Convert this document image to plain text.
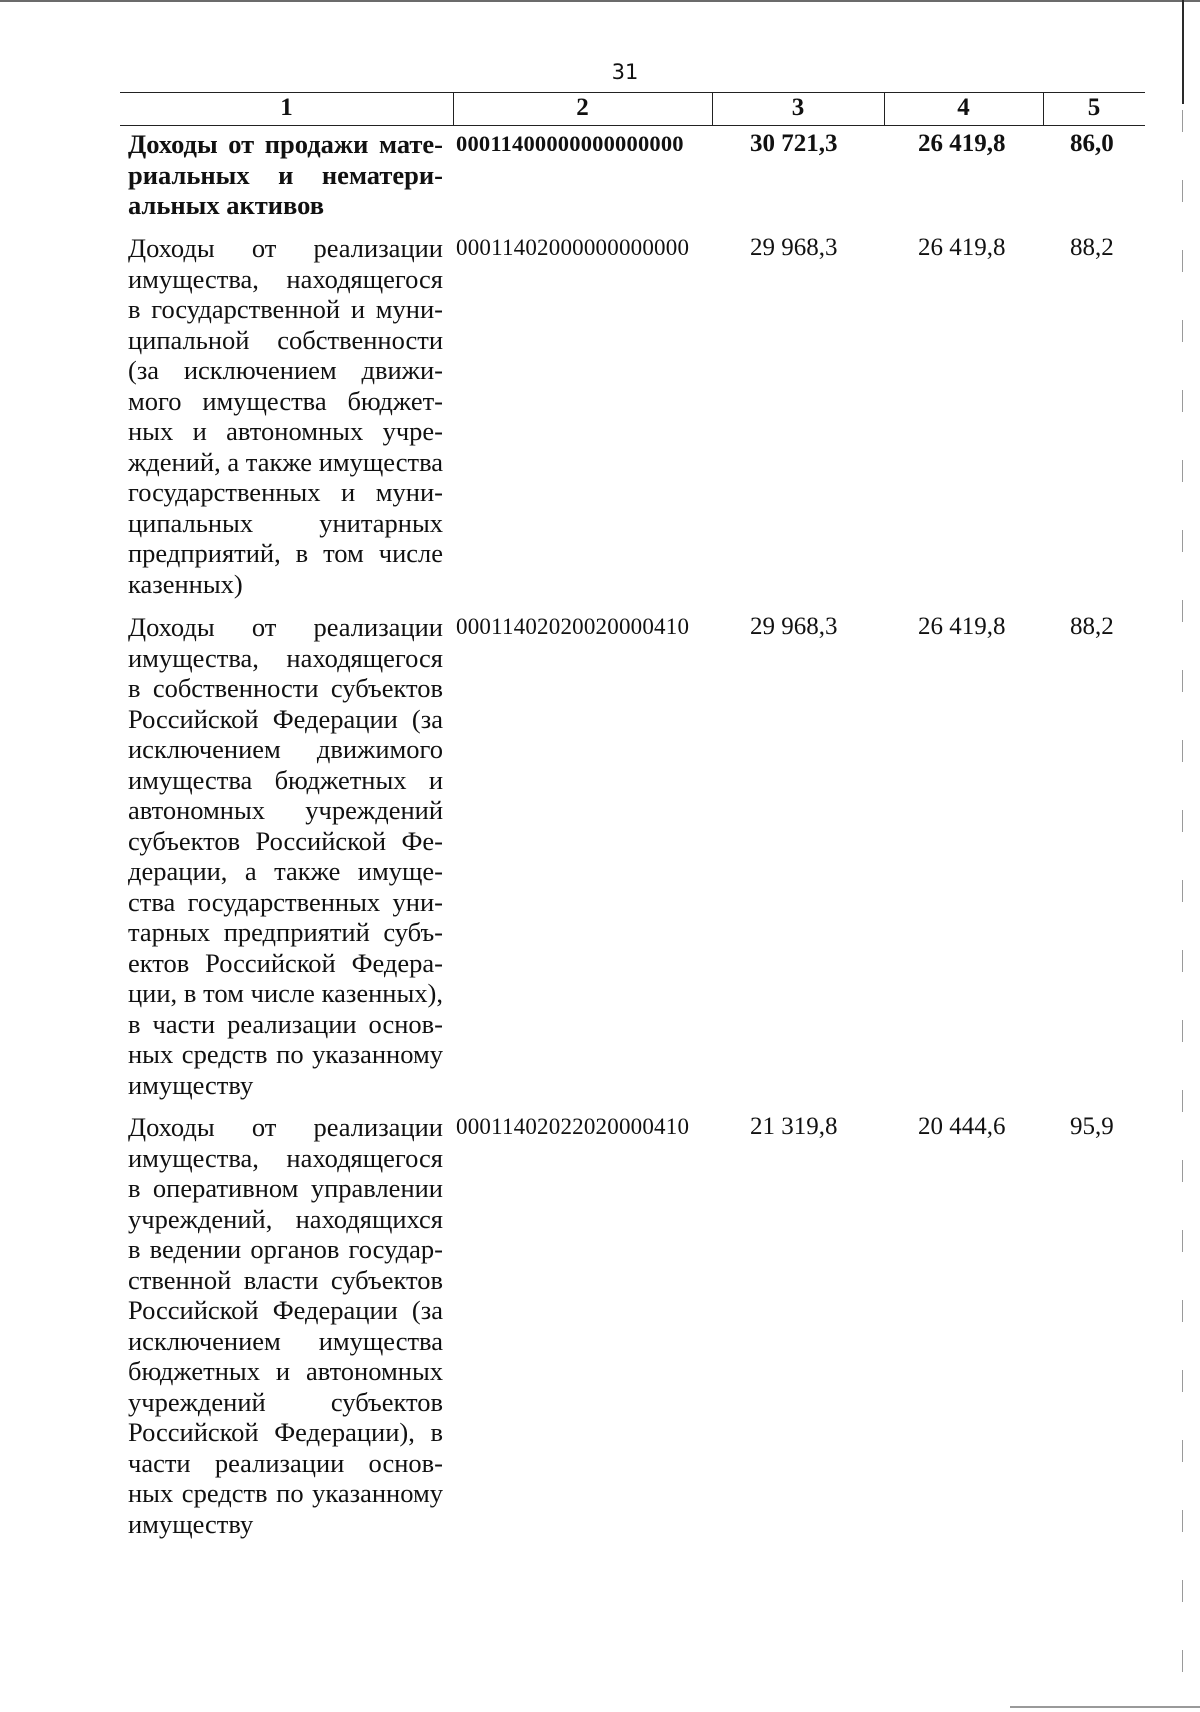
31
1	2	3	4	5
Доходы от продажи мате-
риальных и нематери-
альных активов
00011400000000000000	30 721,3	26 419,8	86,0
Доходы от реализации
имущества, находящегося
в государственной и муни-
ципальной собственности
(за исключением движи-
мого имущества бюджет-
ных и автономных учре-
ждений, а также имущества
государственных и муни-
ципальных унитарных
предприятий, в том числе
казенных)
00011402000000000000 29 968,3	26 419,8	88,2
Доходы от реализации
имущества, находящегося
в собственности субъектов
Российской Федерации (за
исключением движимого
имущества бюджетных и
автономных учреждений
субъектов Российской Фе-
дерации, а также имуще-
ства государственных уни-
тарных предприятий субъ-
ектов Российской Федера-
ции, в том числе казенных),
в части реализации основ-
ных средств по указанному
имуществу
00011402020020000410 29 968,3	26 419,8	88,2
Доходы от реализации
имущества, находящегося
в оперативном управлении
учреждений, находящихся
в ведении органов государ-
ственной власти субъектов
Российской Федерации (за
исключением имущества
бюджетных и автономных
учреждений субъектов
Российской Федерации), в
части реализации основ-
ных средств по указанному
имуществу
00011402022020000410 21 319,8	20 444,6	95,9
